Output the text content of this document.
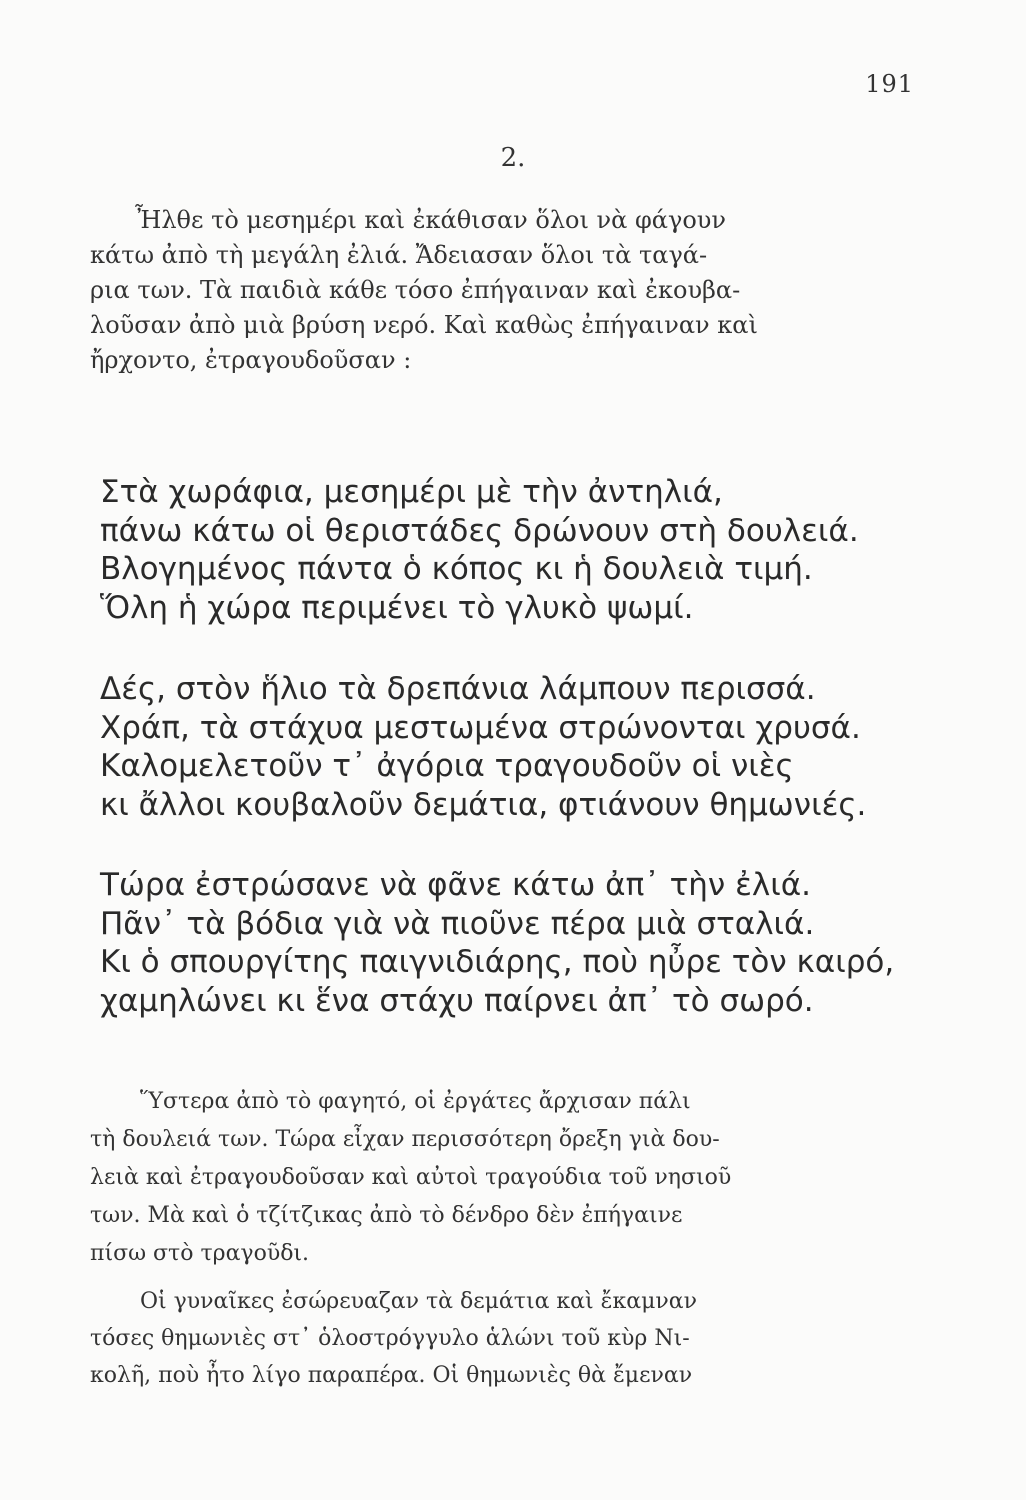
191
2.
Ἦλθε τὸ μεσημέρι καὶ ἐκάθισαν ὅλοι νὰ φάγουν
κάτω ἀπὸ τὴ μεγάλη ἐλιά. Ἄδειασαν ὅλοι τὰ ταγά-
ρια των. Τὰ παιδιὰ κάθε τόσο ἐπήγαιναν καὶ ἐκουβα-
λοῦσαν ἀπὸ μιὰ βρύση νερό. Καὶ καθὼς ἐπήγαιναν καὶ
ἤρχοντο, ἐτραγουδοῦσαν :
Στὰ χωράφια, μεσημέρι μὲ τὴν ἀντηλιά,
πάνω κάτω οἱ θεριστάδες δρώνουν στὴ δουλειά.
Βλογημένος πάντα ὁ κόπος κι ἡ δουλειὰ τιμή.
Ὅλη ἡ χώρα περιμένει τὸ γλυκὸ ψωμί.
Δές, στὸν ἥλιο τὰ δρεπάνια λάμπουν περισσά.
Χράπ, τὰ στάχυα μεστωμένα στρώνονται χρυσά.
Καλομελετοῦν τ᾽ ἀγόρια τραγουδοῦν οἱ νιὲς
κι ἄλλοι κουβαλοῦν δεμάτια, φτιάνουν θημωνιές.
Τώρα ἐστρώσανε νὰ φᾶνε κάτω ἀπ᾽ τὴν ἐλιά.
Πᾶν᾽ τὰ βόδια γιὰ νὰ πιοῦνε πέρα μιὰ σταλιά.
Κι ὁ σπουργίτης παιγνιδιάρης, ποὺ ηὖρε τὸν καιρό,
χαμηλώνει κι ἕνα στάχυ παίρνει ἀπ᾽ τὸ σωρό.
Ὕστερα ἀπὸ τὸ φαγητό, οἱ ἐργάτες ἄρχισαν πάλι
τὴ δουλειά των. Τώρα εἶχαν περισσότερη ὄρεξη γιὰ δου-
λειὰ καὶ ἐτραγουδοῦσαν καὶ αὐτοὶ τραγούδια τοῦ νησιοῦ
των. Μὰ καὶ ὁ τζίτζικας ἀπὸ τὸ δένδρο δὲν ἐπήγαινε
πίσω στὸ τραγοῦδι.
Οἱ γυναῖκες ἐσώρευαζαν τὰ δεμάτια καὶ ἔκαμναν
τόσες θημωνιὲς στ᾽ ὁλοστρόγγυλο ἁλώνι τοῦ κὺρ Νι-
κολῆ, ποὺ ἦτο λίγο παραπέρα. Οἱ θημωνιὲς θὰ ἔμεναν
